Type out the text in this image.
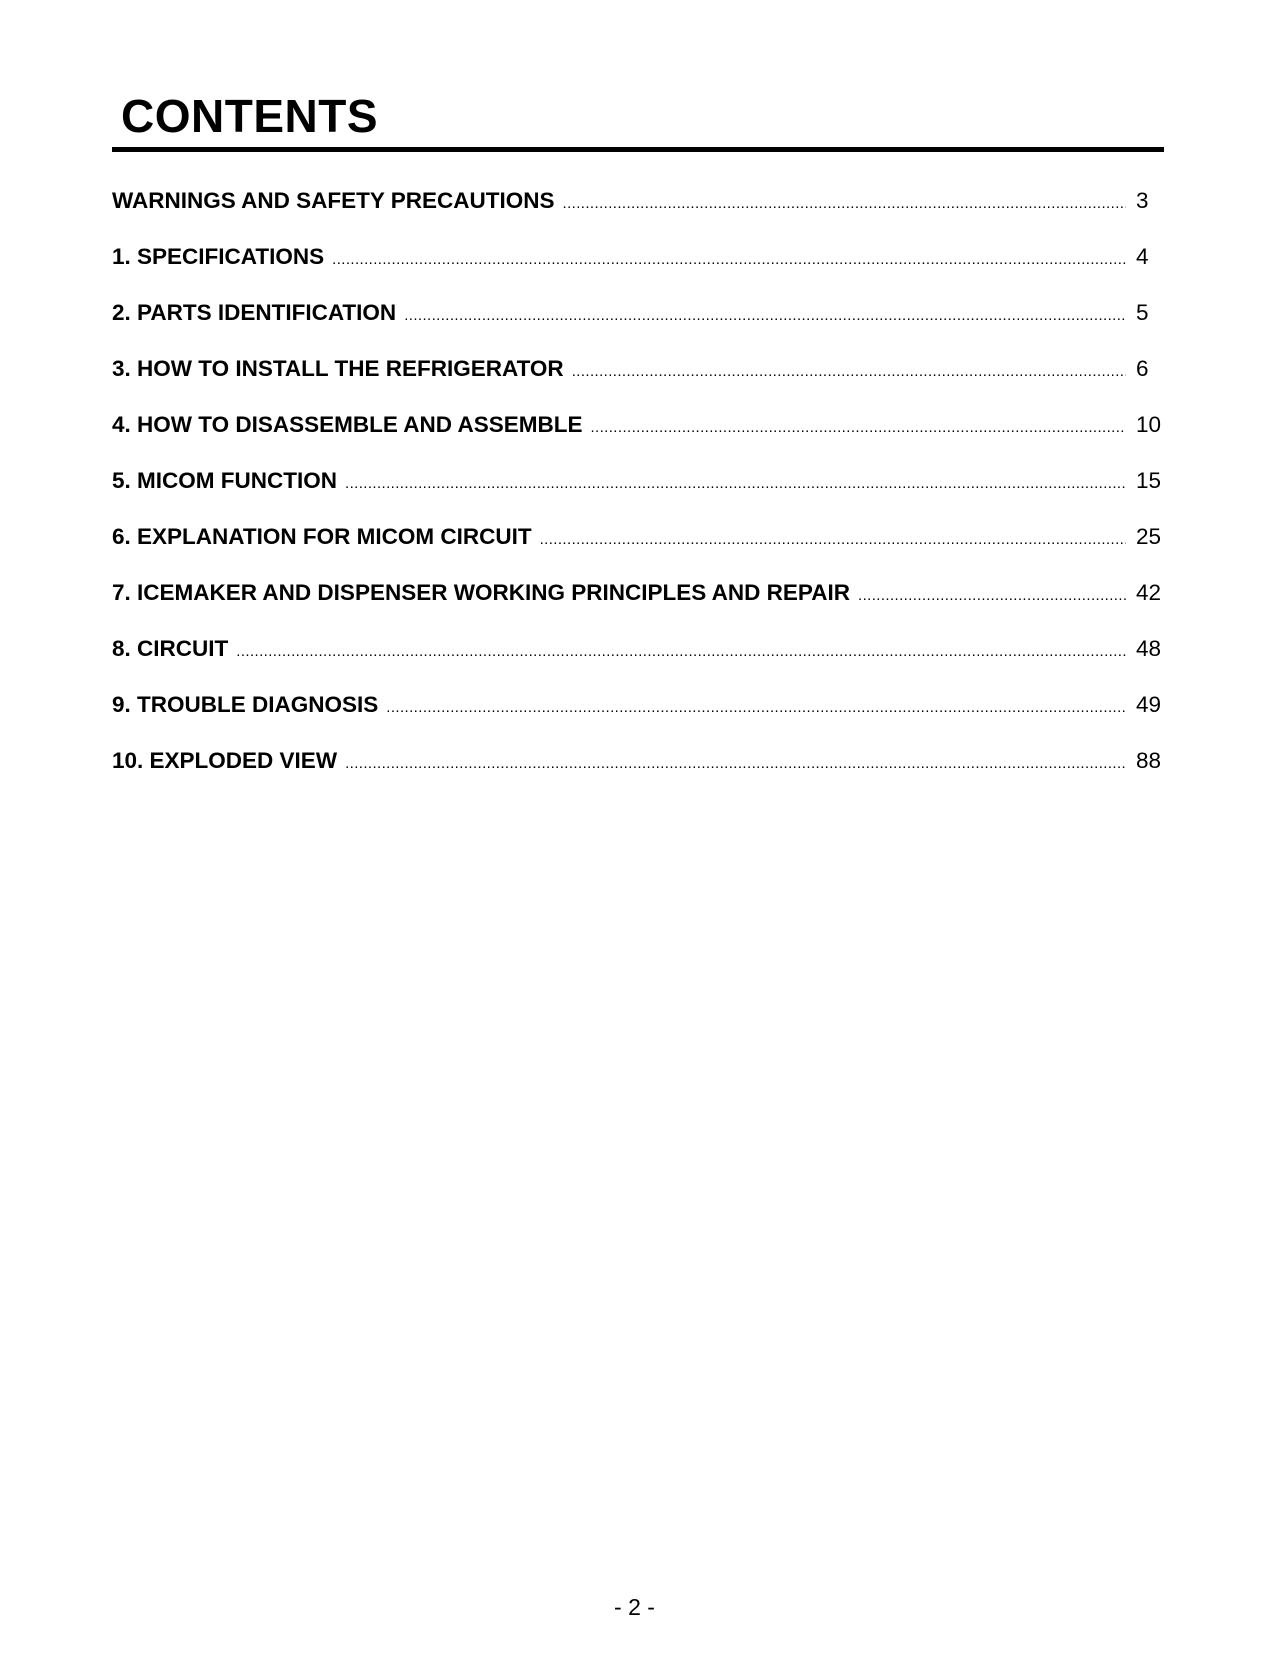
CONTENTS
WARNINGS AND SAFETY PRECAUTIONS .....	3
1. SPECIFICATIONS .....	4
2. PARTS IDENTIFICATION .....	5
3. HOW TO INSTALL THE REFRIGERATOR .....	6
4. HOW TO DISASSEMBLE AND ASSEMBLE .....	10
5. MICOM FUNCTION .....	15
6. EXPLANATION FOR MICOM CIRCUIT .....	25
7. ICEMAKER AND DISPENSER WORKING PRINCIPLES AND REPAIR .....	42
8. CIRCUIT .....	48
9. TROUBLE DIAGNOSIS .....	49
10. EXPLODED VIEW .....	88
- 2 -
